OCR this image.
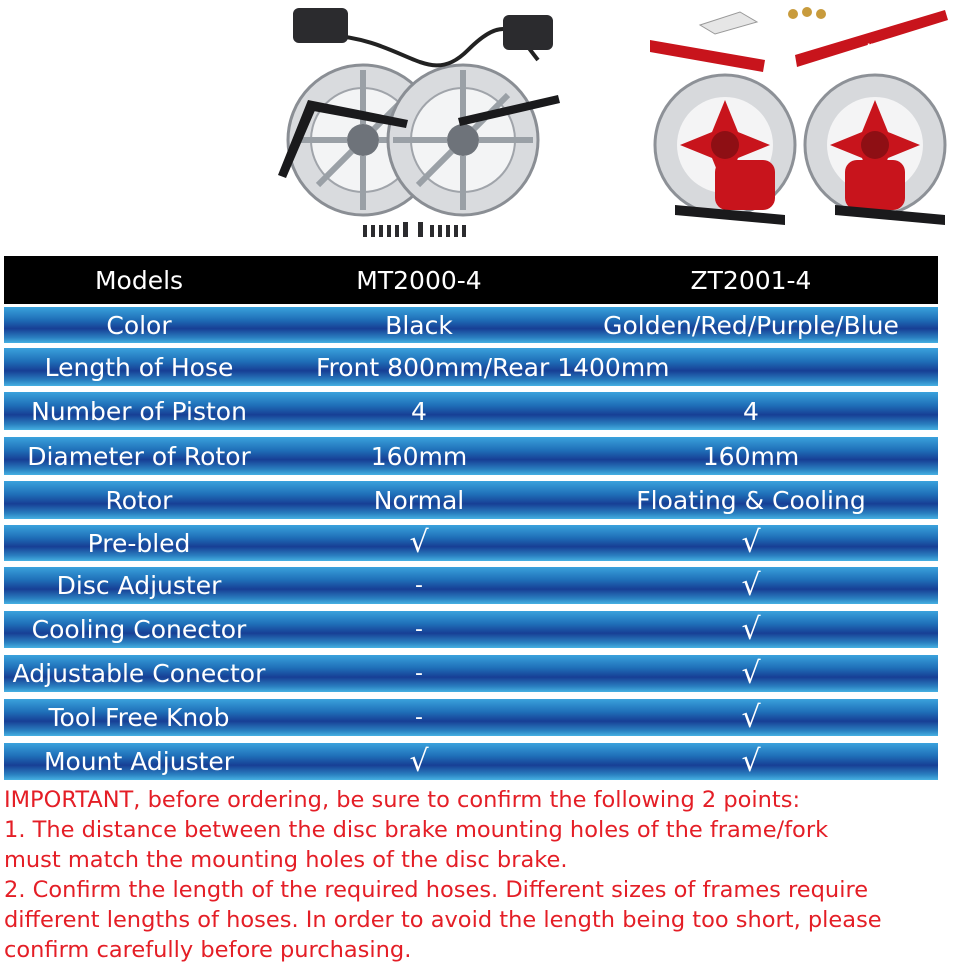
JFOYR
Models	MT2000-4	ZT2001-4
Color	Black	Golden/Red/Purple/Blue
Length of Hose	Front 800mm/Rear 1400mm
Number of Piston	4	4
Diameter of Rotor	160mm	160mm
Rotor	Normal	Floating & Cooling
Pre-bled	√	√
Disc Adjuster	-	√
Cooling Conector	-	√
Adjustable Conector	-	√
Tool Free Knob	-	√
Mount Adjuster	√	√
IMPORTANT, before ordering, be sure to confirm the following 2 points:
1. The distance between the disc brake mounting holes of the frame/fork
must match the mounting holes of the disc brake.
2. Confirm the length of the required hoses. Different sizes of frames require
different lengths of hoses. In order to avoid the length being too short, please
confirm carefully before purchasing.
